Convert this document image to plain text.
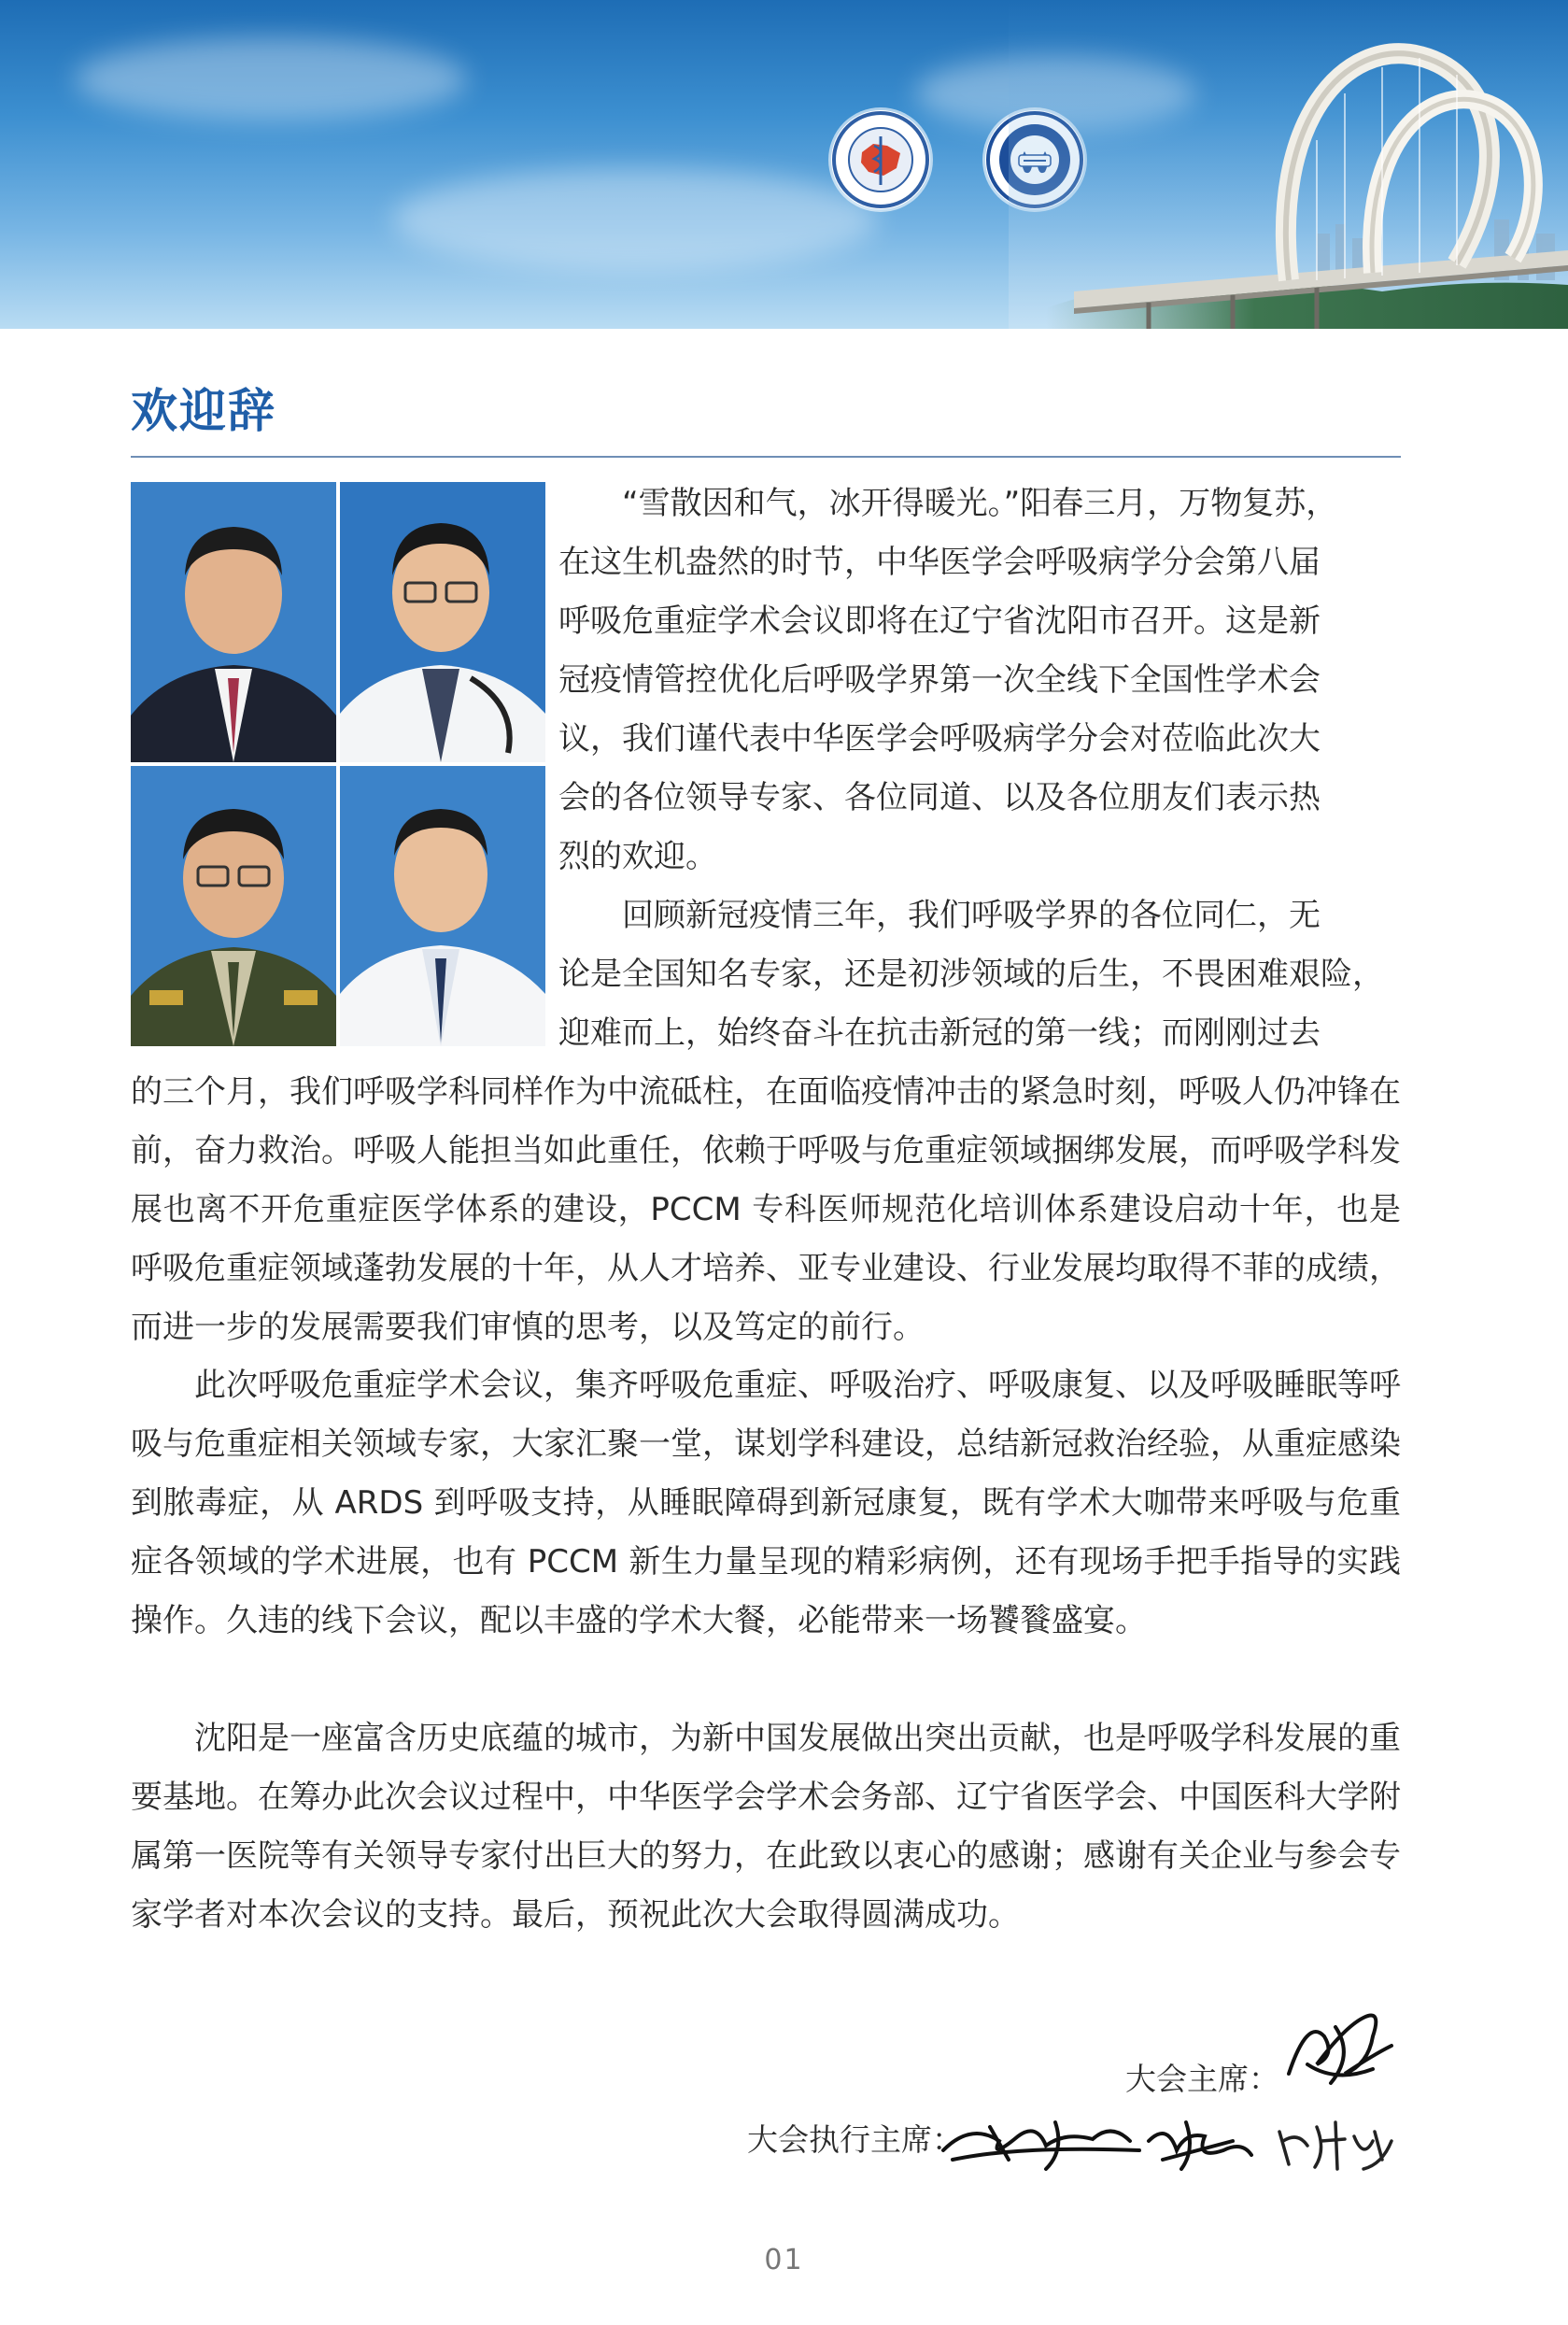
欢迎辞
“雪散因和气，冰开得暖光。”阳春三月，万物复苏，
在这生机盎然的时节，中华医学会呼吸病学分会第八届
呼吸危重症学术会议即将在辽宁省沈阳市召开。这是新
冠疫情管控优化后呼吸学界第一次全线下全国性学术会
议，我们谨代表中华医学会呼吸病学分会对莅临此次大
会的各位领导专家、各位同道、以及各位朋友们表示热
烈的欢迎。
回顾新冠疫情三年，我们呼吸学界的各位同仁，无
论是全国知名专家，还是初涉领域的后生，不畏困难艰险，
迎难而上，始终奋斗在抗击新冠的第一线；而刚刚过去

的三个月，我们呼吸学科同样作为中流砥柱，在面临疫情冲击的紧急时刻，呼吸人仍冲锋在前，奋力救治。呼吸人能担当如此重任，依赖于呼吸与危重症领域捆绑发展，而呼吸学科发展也离不开危重症医学体系的建设，PCCM 专科医师规范化培训体系建设启动十年，也是呼吸危重症领域蓬勃发展的十年，从人才培养、亚专业建设、行业发展均取得不菲的成绩，而进一步的发展需要我们审慎的思考，以及笃定的前行。

此次呼吸危重症学术会议，集齐呼吸危重症、呼吸治疗、呼吸康复、以及呼吸睡眠等呼吸与危重症相关领域专家，大家汇聚一堂，谋划学科建设，总结新冠救治经验，从重症感染到脓毒症，从 ARDS 到呼吸支持，从睡眠障碍到新冠康复，既有学术大咖带来呼吸与危重症各领域的学术进展，也有 PCCM 新生力量呈现的精彩病例，还有现场手把手指导的实践操作。久违的线下会议，配以丰盛的学术大餐，必能带来一场饕餮盛宴。

沈阳是一座富含历史底蕴的城市，为新中国发展做出突出贡献，也是呼吸学科发展的重要基地。在筹办此次会议过程中，中华医学会学术会务部、辽宁省医学会、中国医科大学附属第一医院等有关领导专家付出巨大的努力，在此致以衷心的感谢；感谢有关企业与参会专家学者对本次会议的支持。最后，预祝此次大会取得圆满成功。

大会主席：
大会执行主席：
01
